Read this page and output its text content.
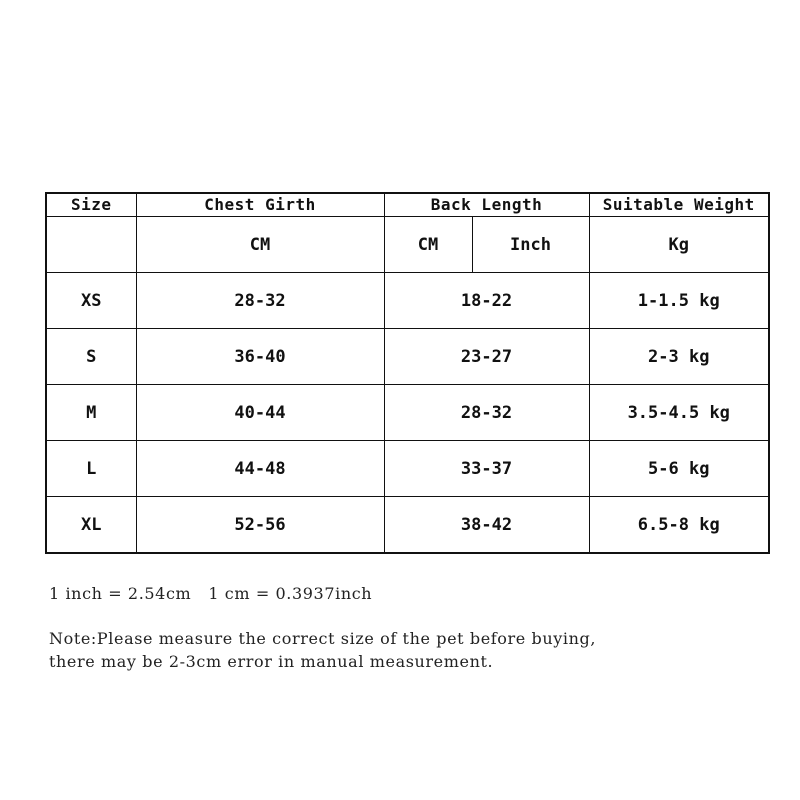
Size	Chest Girth	Back Length		Suitable Weight
	CM	CM	Inch	Kg
XS	28-32	18-22		1-1.5 kg
S	36-40	23-27		2-3 kg
M	40-44	28-32		3.5-4.5 kg
L	44-48	33-37		5-6 kg
XL	52-56	38-42		6.5-8 kg
1 inch = 2.54cm   1 cm = 0.3937inch
Note:Please measure the correct size of the pet before buying,
there may be 2-3cm error in manual measurement.
